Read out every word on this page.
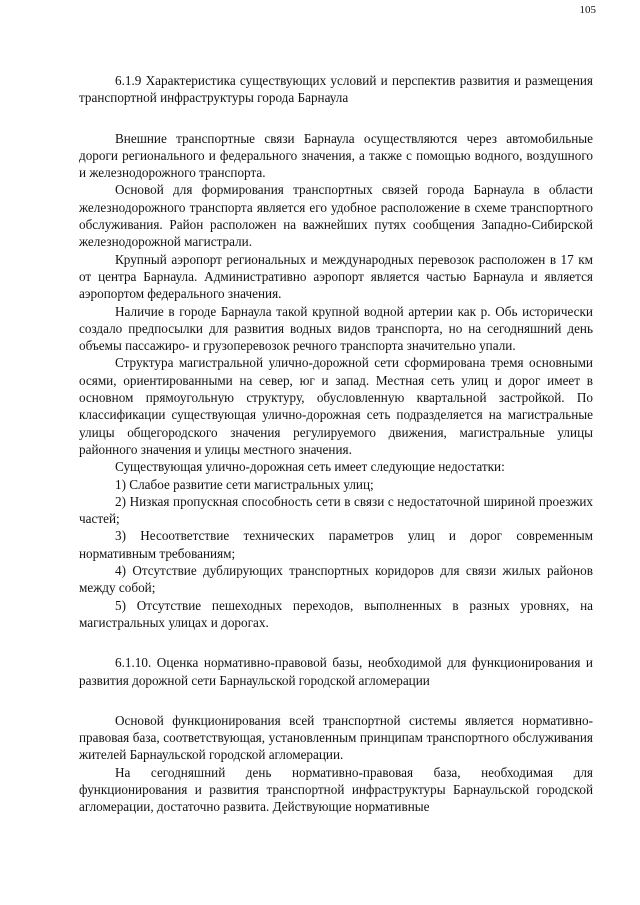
105
6.1.9 Характеристика существующих условий и перспектив развития и размещения транспортной инфраструктуры города Барнаула

Внешние транспортные связи Барнаула осуществляются через автомобильные дороги регионального и федерального значения, а также с помощью водного, воздушного и железнодорожного транспорта.

Основой для формирования транспортных связей города Барнаула в области железнодорожного транспорта является его удобное расположение в схеме транспортного обслуживания. Район расположен на важнейших путях сообщения Западно-Сибирской железнодорожной магистрали.

Крупный аэропорт региональных и международных перевозок расположен в 17 км от центра Барнаула. Административно аэропорт является частью Барнаула и является аэропортом федерального значения.

Наличие в городе Барнаула такой крупной водной артерии как р. Обь исторически создало предпосылки для развития водных видов транспорта, но на сегодняшний день объемы пассажиро- и грузоперевозок речного транспорта значительно упали.

Структура магистральной улично-дорожной сети сформирована тремя основными осями, ориентированными на север, юг и запад. Местная сеть улиц и дорог имеет в основном прямоугольную структуру, обусловленную квартальной застройкой. По классификации существующая улично-дорожная сеть подразделяется на магистральные улицы общегородского значения регулируемого движения, магистральные улицы районного значения и улицы местного значения.

Существующая улично-дорожная сеть имеет следующие недостатки:

1) Слабое развитие сети магистральных улиц;

2) Низкая пропускная способность сети в связи с недостаточной шириной проезжих частей;

3) Несоответствие технических параметров улиц и дорог современным нормативным требованиям;

4) Отсутствие дублирующих транспортных коридоров для связи жилых районов между собой;

5) Отсутствие пешеходных переходов, выполненных в разных уровнях, на магистральных улицах и дорогах.

6.1.10. Оценка нормативно-правовой базы, необходимой для функционирования и развития дорожной сети Барнаульской городской агломерации

Основой функционирования всей транспортной системы является нормативно-правовая база, соответствующая, установленным принципам транспортного обслуживания жителей Барнаульской городской агломерации.

На сегодняшний день нормативно-правовая база, необходимая для функционирования и развития транспортной инфраструктуры Барнаульской городской агломерации, достаточно развита. Действующие нормативные
